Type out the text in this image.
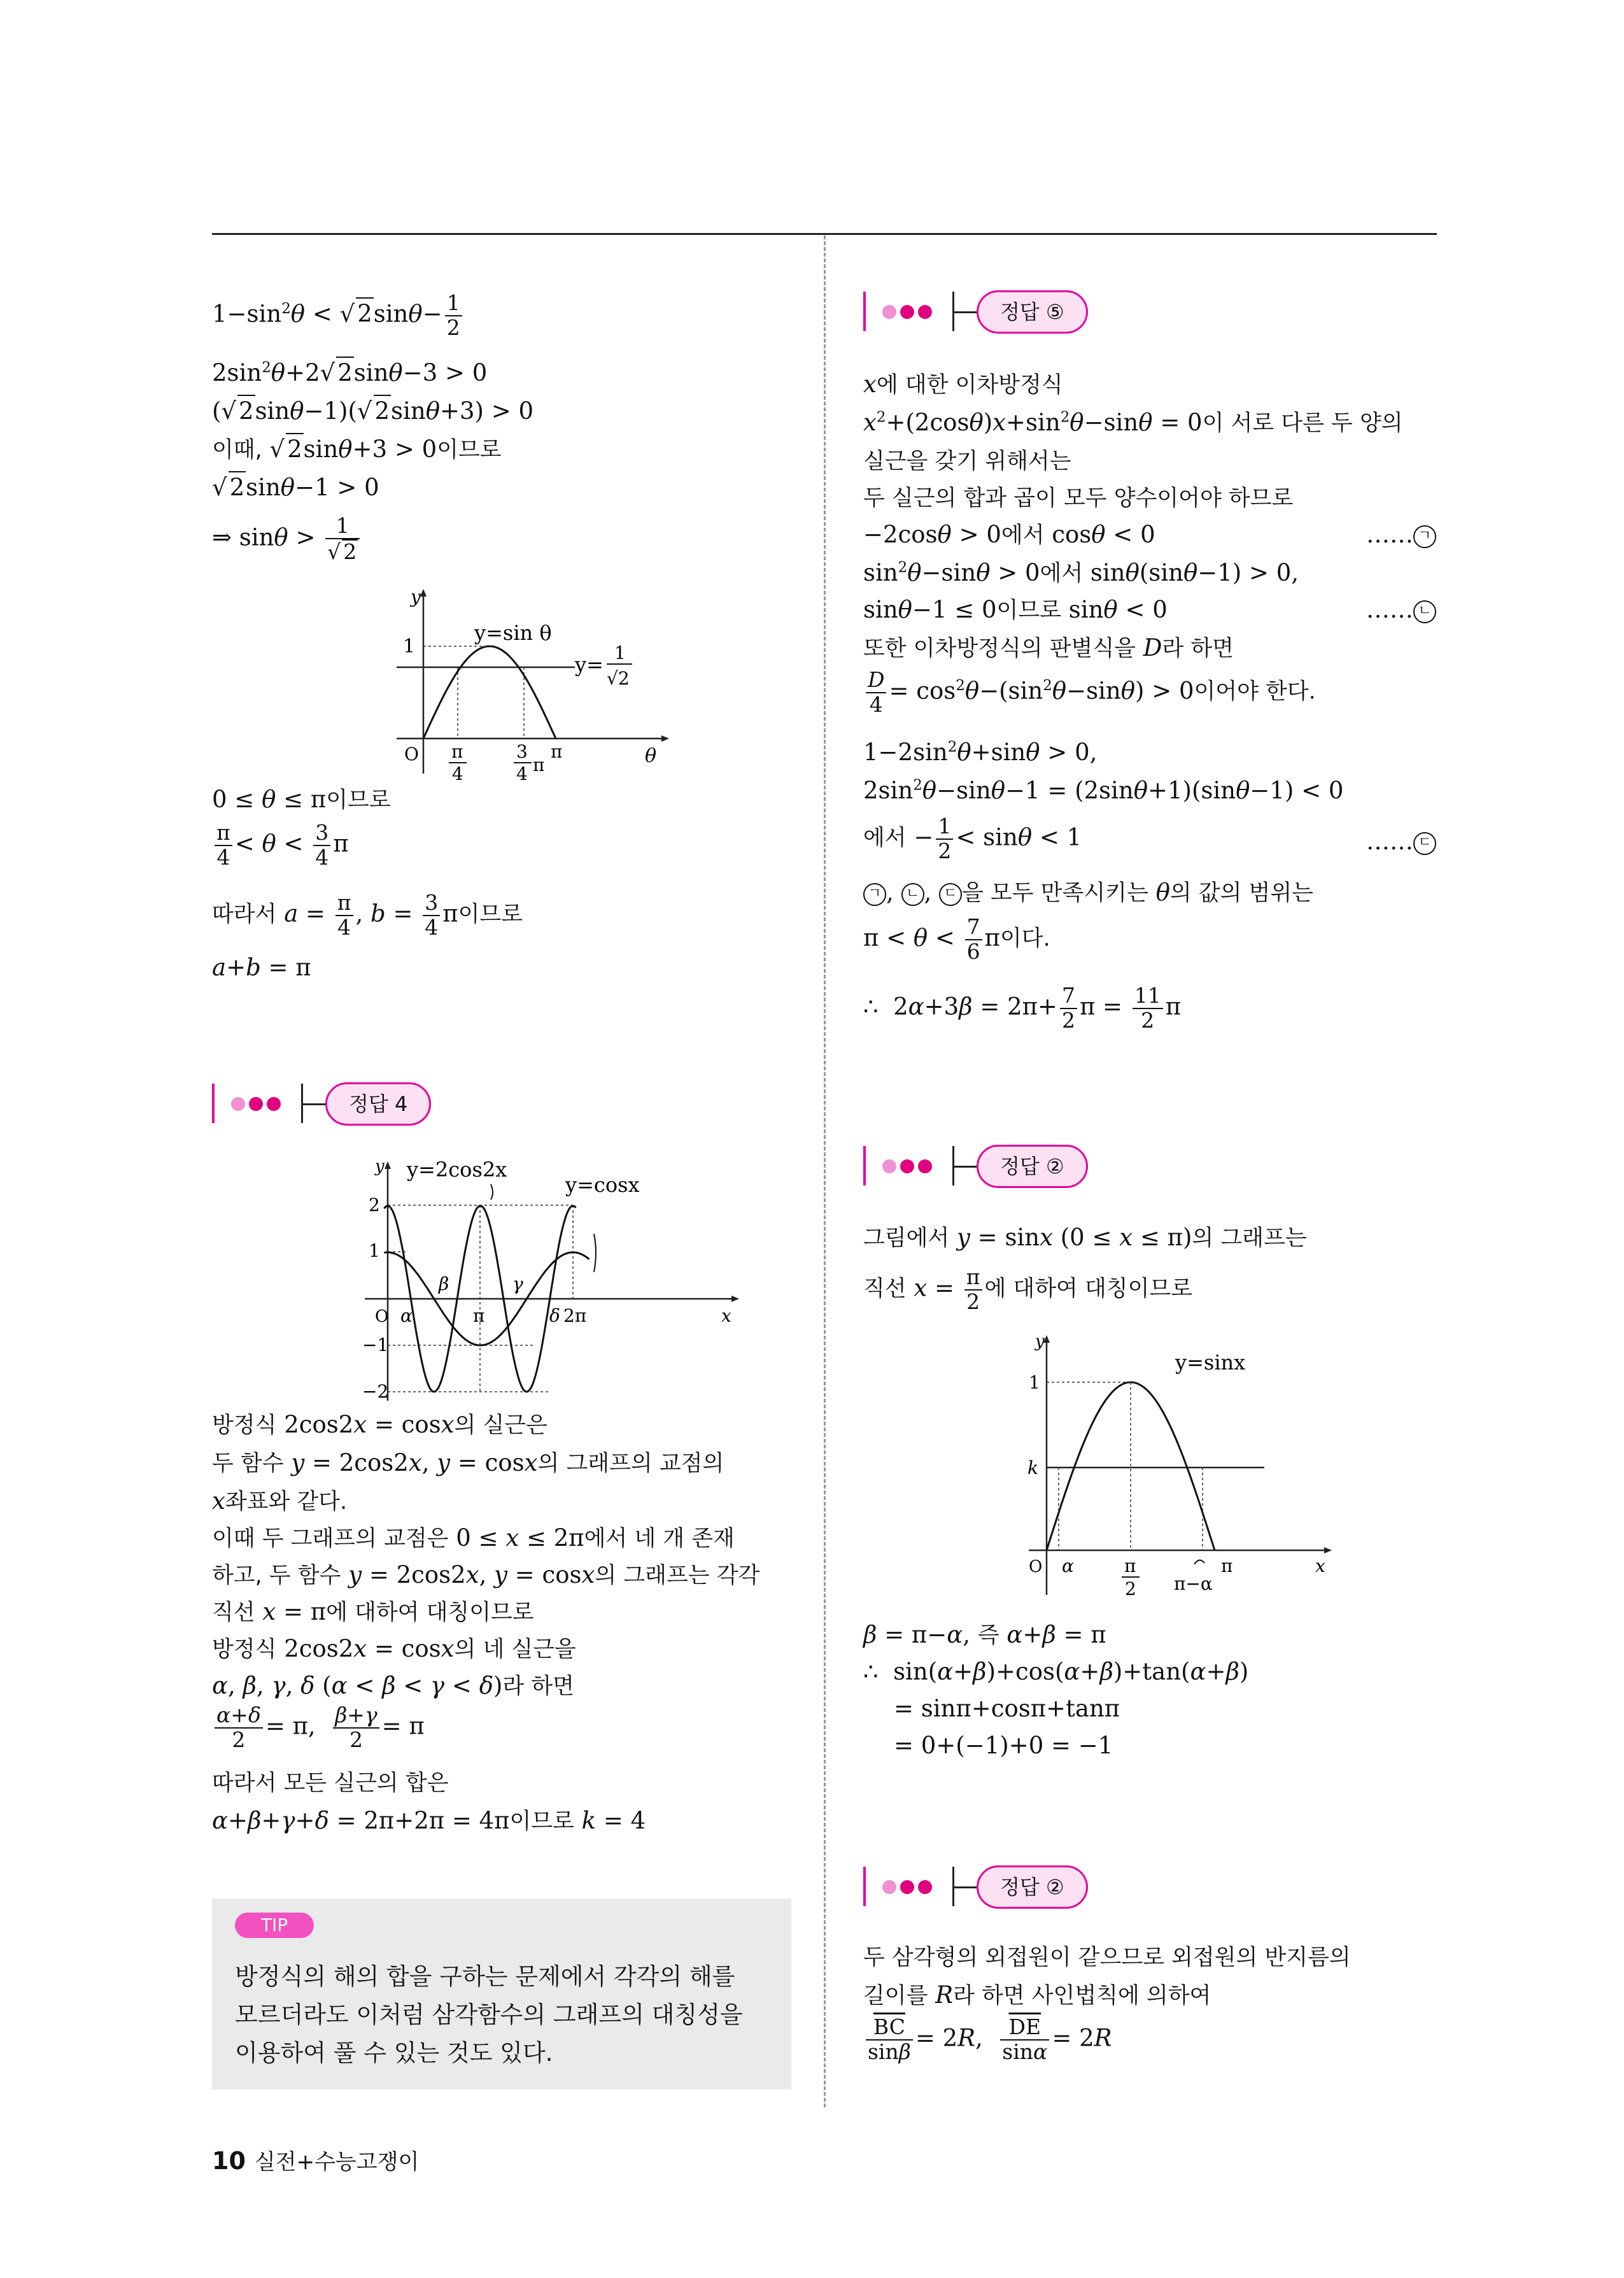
$1-\sin^2\theta$ < √ $2\sin\theta- \frac{1}{2}$
$2\sin^2\theta+2√$ 2sinθ−3 > 0
(√ 2sinθ−1)(√ 2sinθ+3) > 0
이때, √ 2sinθ+3 > 0이므로
√ 2sinθ−1 > 0
⇒ $\sin\theta > \frac{1}{√ 2}$
y
1
O	θ
y=sin θ
y= 1
√2
π
4
3
4 π
π
0 ≤ θ ≤ π이므로
$\frac{\pi}{4} < \theta < \frac{3}{4}$ π
따라서 $a = \frac{\pi}{4}$ , $b = \frac{3}{4}$ π이므로
a+b = π
정답 4
y
x
O
y=2cos2x
y=cosx
2
1
−1
−2
α
β	γ
π	δ 2π
방정식 2cos2x = cosx의 실근은
두 함수 y = 2cos2x, y = cosx의 그래프의 교점의
x좌표와 같다.
이때 두 그래프의 교점은 0 ≤ x ≤ 2π에서 네 개 존재
하고, 두 함수 y = 2cos2x, y = cosx의 그래프는 각각
직선 x = π에 대하여 대칭이므로
방정식 2cos2x = cosx의 네 실근을
α, β, γ, δ (α < β < γ < δ)라 하면
$\frac{\alpha+\delta}{2} = \pi$, $\frac{\beta+\gamma}{2} = \pi$
따라서 모든 실근의 합은
α+β+γ+δ = 2π+2π = 4π이므로 k = 4
TIP
방정식의 해의 합을 구하는 문제에서 각각의 해를
모르더라도 이처럼 삼각함수의 그래프의 대칭성을
이용하여 풀 수 있는 것도 있다.
정답 ⑤
x에 대한 이차방정식
$x^2+(2\cos\theta)x+\sin^2\theta-\sin\theta = 0$이 서로 다른 두 양의
실근을 갖기 위해서는
두 실근의 합과 곱이 모두 양수이어야 하므로
−2cosθ > 0에서 cosθ < 0	…… ㄱ
$\sin^2\theta-\sin\theta > 0$에서 sinθ(sinθ−1) > 0,
sinθ−1 ≤ 0이므로 sinθ < 0	…… ㄴ
또한 이차방정식의 판별식을 D라 하면
$\frac{D}{4} = \cos^2\theta-(\sin^2\theta-\sin\theta) > 0$이어야 한다.
$1-2\sin^2\theta+\sin\theta > 0$,
$2\sin^2\theta-\sin\theta-1 = (2\sin\theta+1)(\sin\theta-1) < 0$
에서 − $\frac{1}{2} < \sin\theta < 1$	…… ㄷ
ㄱ , ㄴ , ㄷ 을 모두 만족시키는 θ의 값의 범위는
$\pi < \theta < \frac{7}{6}$ π이다.
∴  $2\alpha+3\beta = 2\pi+ \frac{7}{2}$ $\pi = \frac{11}{2}$ π
정답 ②
그림에서 y = sinx (0 ≤ x ≤ π)의 그래프는
직선 $x = \frac{\pi}{2}$ 에 대하여 대칭이므로
y
1
k
O	x
y=sinx
α	π
2 π−α
π
β = π−α, 즉 α+β = π
∴  sin(α+β)+cos(α+β)+tan(α+β)
= sinπ+cosπ+tanπ
= 0+(−1)+0 = −1
정답 ②
두 삼각형의 외접원이 같으므로 외접원의 반지름의
길이를 R라 하면 사인법칙에 의하여
$\frac{\overline{BC}}{\sin\beta} = 2R$, $\frac{\overline{DE}}{\sin\alpha} = 2R$
10 실전+수능고쟁이
